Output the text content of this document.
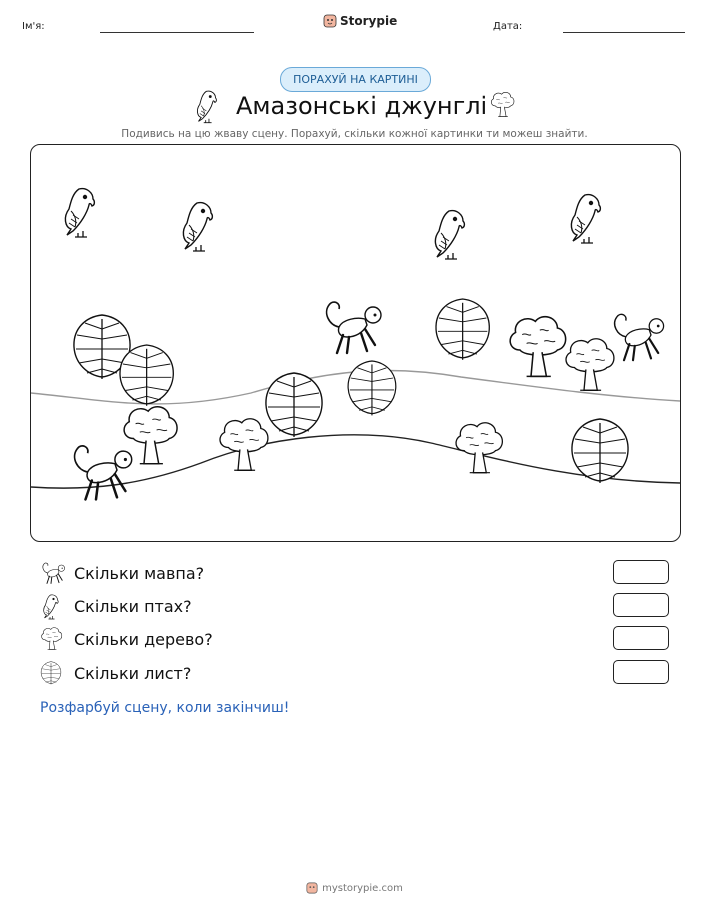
Ім'я:	Storypie	Дата:
ПОРАХУЙ НА КАРТИНІ
Амазонські джунглі
Подивись на цю жваву сцену. Порахуй, скільки кожної картинки ти можеш знайти.
Скільки мавпа?
Скільки птах?
Скільки дерево?
Скільки лист?
Розфарбуй сцену, коли закінчиш!
mystorypie.com
